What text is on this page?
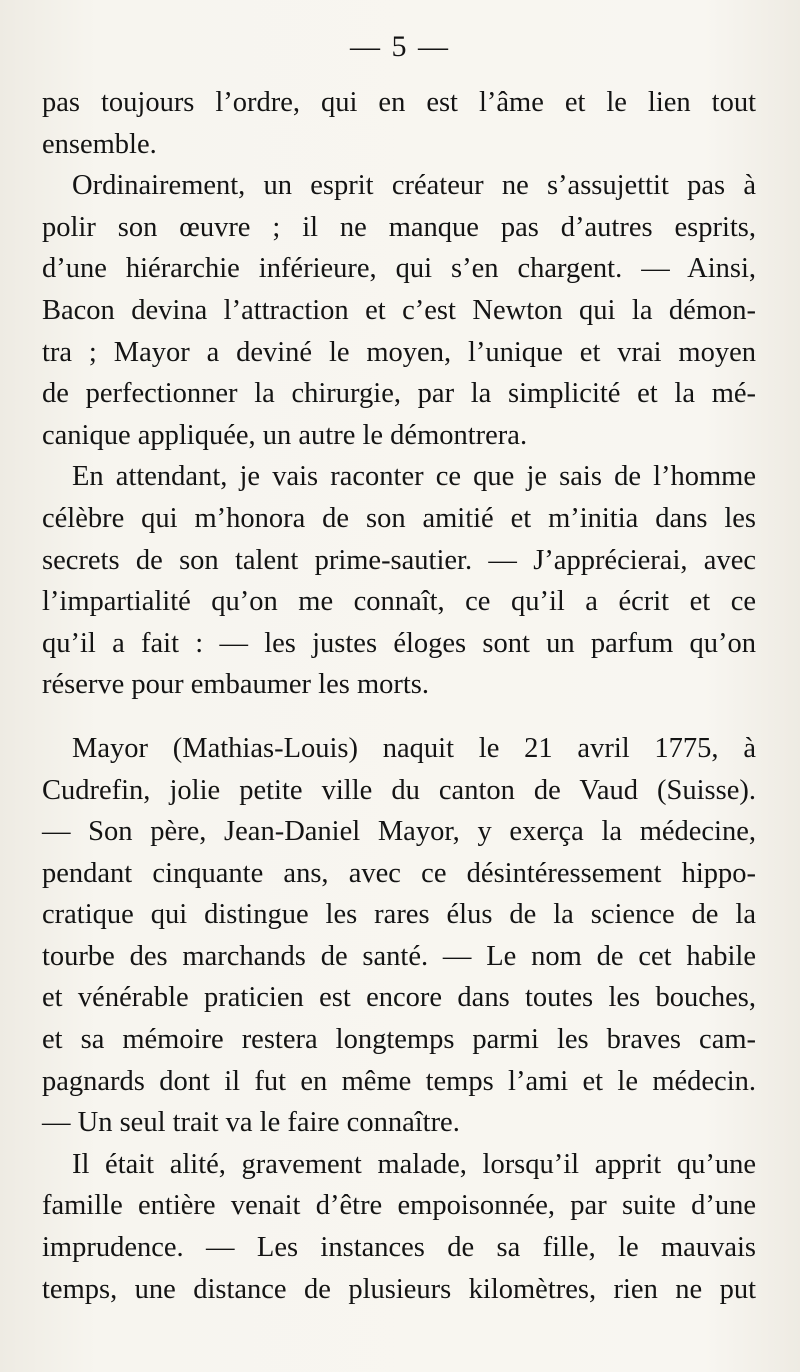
— 5 —
pas toujours l’ordre, qui en est l’âme et le lien tout
ensemble.
Ordinairement, un esprit créateur ne s’assujettit pas à
polir son œuvre ; il ne manque pas d’autres esprits,
d’une hiérarchie inférieure, qui s’en chargent. — Ainsi,
Bacon devina l’attraction et c’est Newton qui la démon-
tra ; Mayor a deviné le moyen, l’unique et vrai moyen
de perfectionner la chirurgie, par la simplicité et la mé-
canique appliquée, un autre le démontrera.
En attendant, je vais raconter ce que je sais de l’homme
célèbre qui m’honora de son amitié et m’initia dans les
secrets de son talent prime-sautier. — J’apprécierai, avec
l’impartialité qu’on me connaît, ce qu’il a écrit et ce
qu’il a fait : — les justes éloges sont un parfum qu’on
réserve pour embaumer les morts.
Mayor (Mathias-Louis) naquit le 21 avril 1775, à
Cudrefin, jolie petite ville du canton de Vaud (Suisse).
— Son père, Jean-Daniel Mayor, y exerça la médecine,
pendant cinquante ans, avec ce désintéressement hippo-
cratique qui distingue les rares élus de la science de la
tourbe des marchands de santé. — Le nom de cet habile
et vénérable praticien est encore dans toutes les bouches,
et sa mémoire restera longtemps parmi les braves cam-
pagnards dont il fut en même temps l’ami et le médecin.
— Un seul trait va le faire connaître.
Il était alité, gravement malade, lorsqu’il apprit qu’une
famille entière venait d’être empoisonnée, par suite d’une
imprudence. — Les instances de sa fille, le mauvais
temps, une distance de plusieurs kilomètres, rien ne put
